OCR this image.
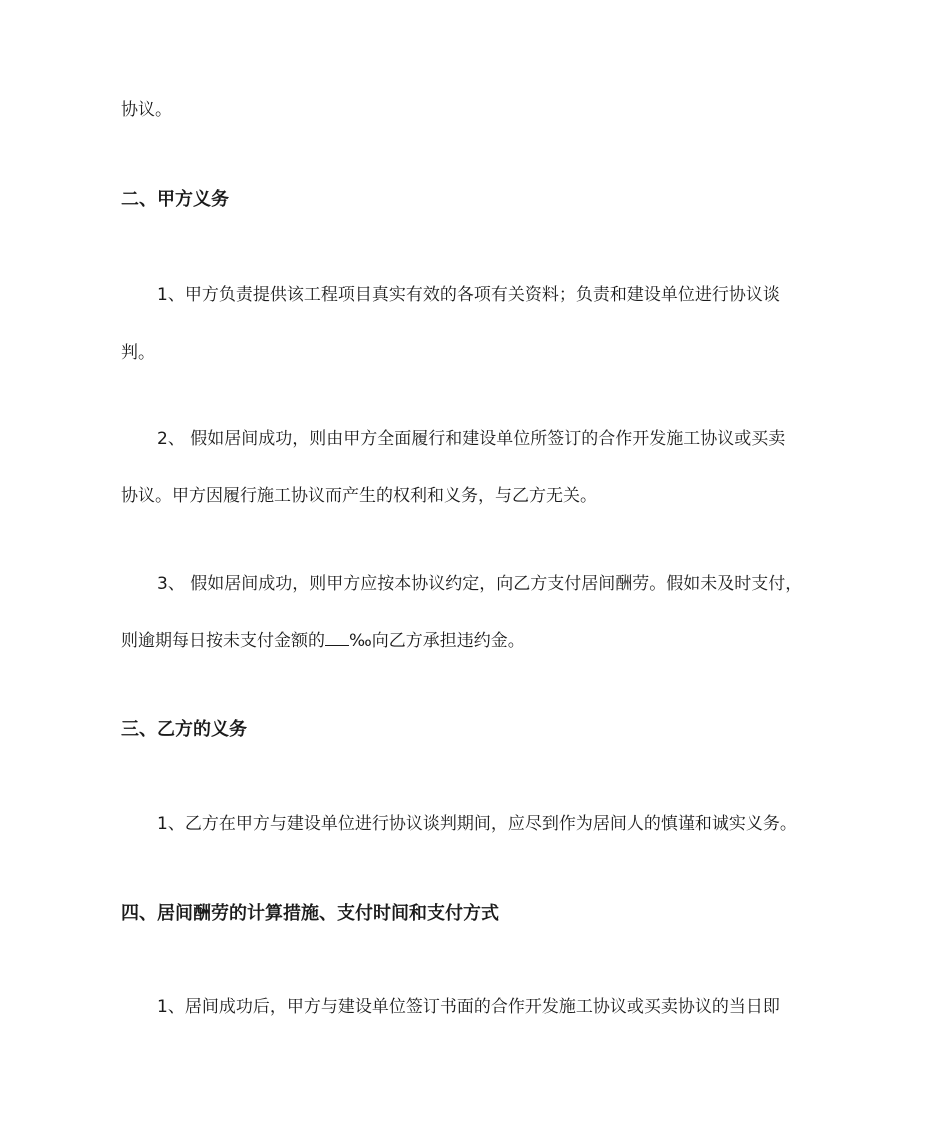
协议。

二、甲方义务

1、甲方负责提供该工程项目真实有效的各项有关资料；负责和建设单位进行协议谈

判。

2、 假如居间成功，则由甲方全面履行和建设单位所签订的合作开发施工协议或买卖

协议。甲方因履行施工协议而产生的权利和义务，与乙方无关。

3、 假如居间成功，则甲方应按本协议约定，向乙方支付居间酬劳。假如未及时支付，

则逾期每日按未支付金额的 ‰向乙方承担违约金。

三、乙方的义务

1、乙方在甲方与建设单位进行协议谈判期间，应尽到作为居间人的慎谨和诚实义务。

四、居间酬劳的计算措施、支付时间和支付方式

1、居间成功后，甲方与建设单位签订书面的合作开发施工协议或买卖协议的当日即
